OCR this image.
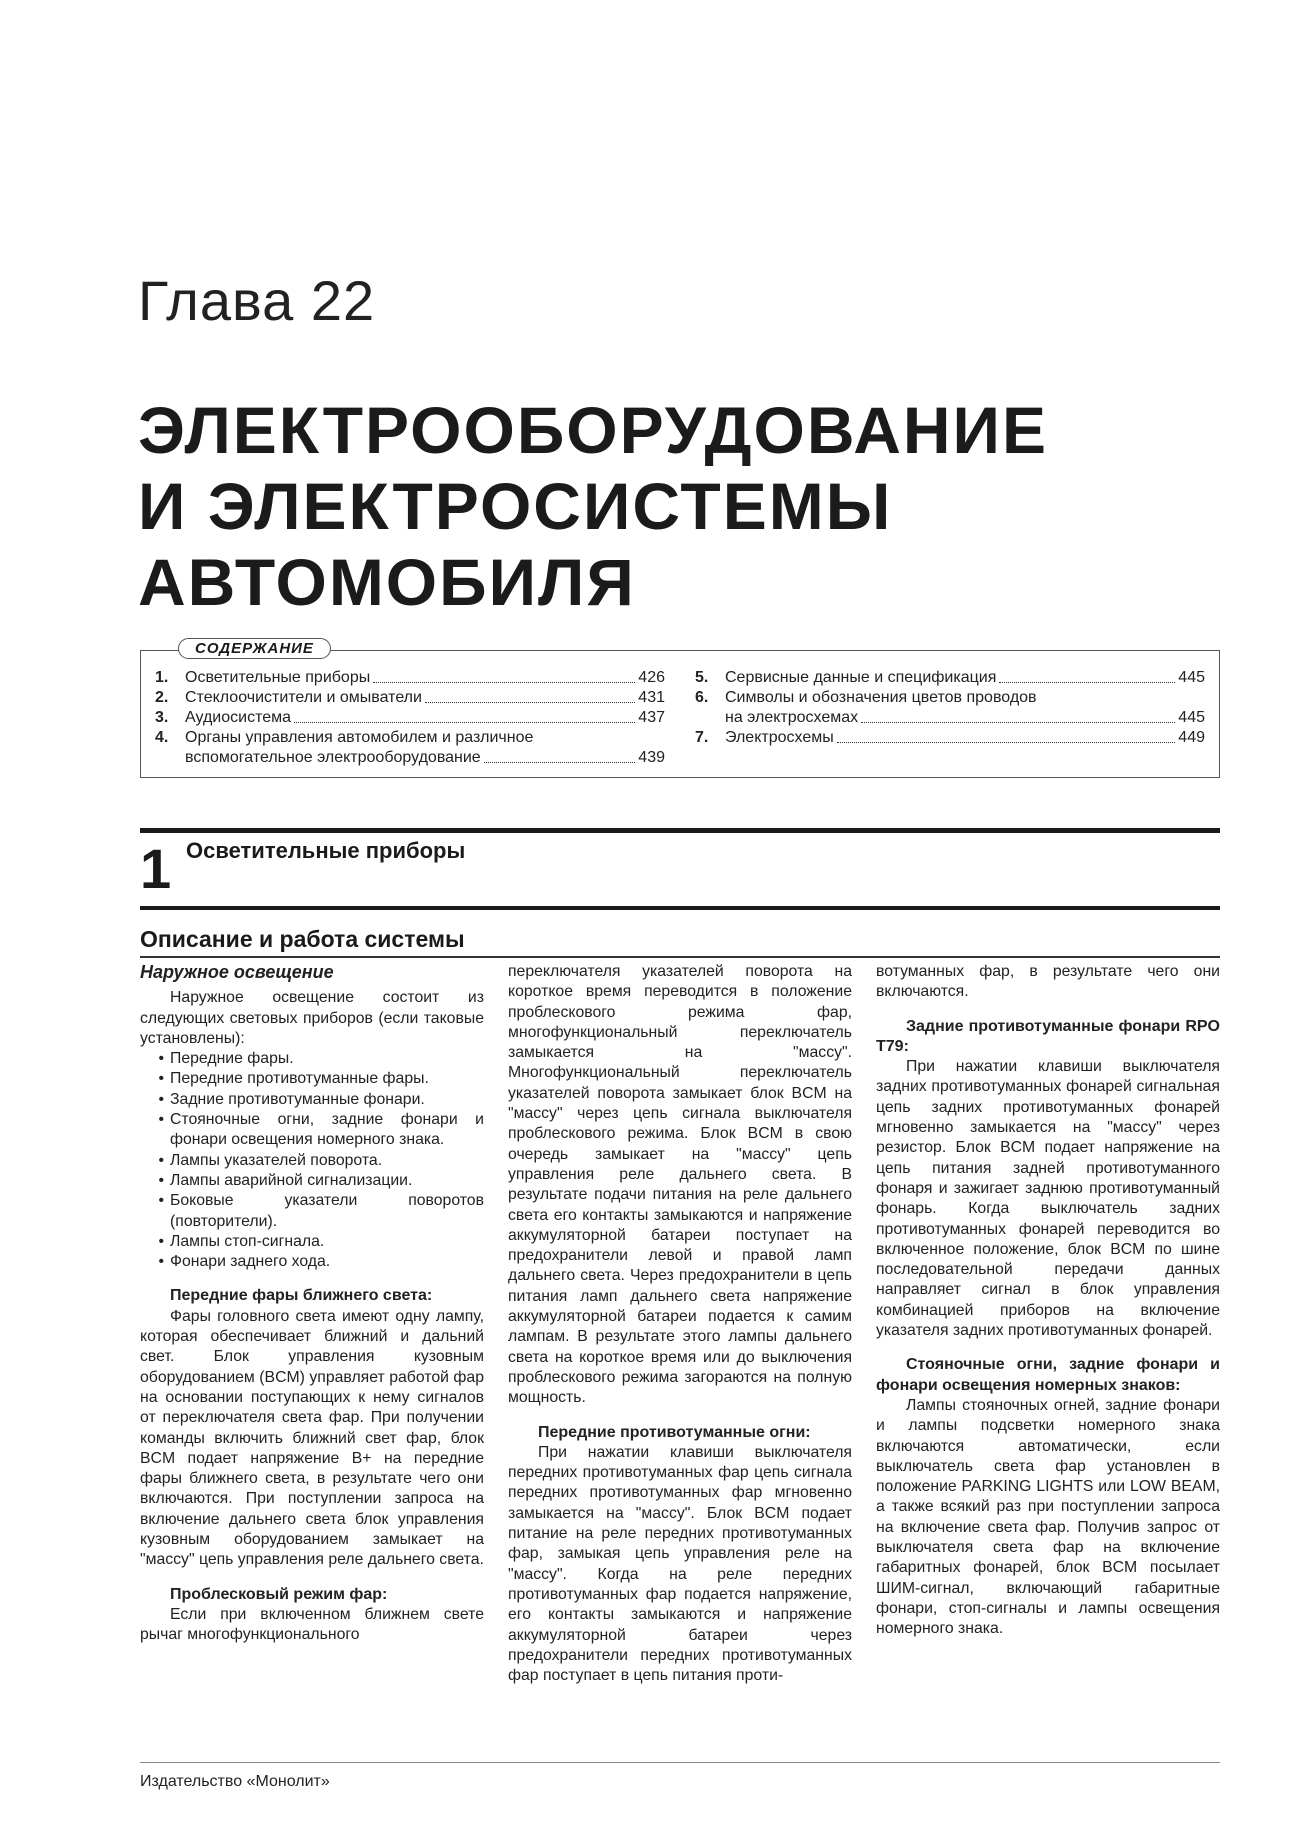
Глава 22
ЭЛЕКТРООБОРУДОВАНИЕ
И ЭЛЕКТРОСИСТЕМЫ
АВТОМОБИЛЯ
СОДЕРЖАНИЕ
1.	Осветительные приборы	426
2.	Стеклоочистители и омыватели	431
3.	Аудиосистема	437
4.	Органы управления автомобилем и различное
вспомогательное электрооборудование	439
5.	Сервисные данные и спецификация	445
6.	Символы и обозначения цветов проводов
на электросхемах	445
7.	Электросхемы	449
1 Осветительные приборы
Описание и работа системы
Наружное освещение

Наружное освещение состоит из следующих световых приборов (если таковые установлены):

• Передние фары.
• Передние противотуманные фары.
• Задние противотуманные фонари.
• Стояночные огни, задние фонари и фонари освещения номерного знака.
• Лампы указателей поворота.
• Лампы аварийной сигнализации.
• Боковые указатели поворотов (повторители).
• Лампы стоп-сигнала.
• Фонари заднего хода.
Передние фары ближнего света:

Фары головного света имеют одну лампу, которая обеспечивает ближний и дальний свет. Блок управления кузовным оборудованием (BCM) управляет работой фар на основании поступающих к нему сигналов от переключателя света фар. При получении команды включить ближний свет фар, блок BCM подает напряжение B+ на передние фары ближнего света, в результате чего они включаются. При поступлении запроса на включение дальнего света блок управления кузовным оборудованием замыкает на "массу" цепь управления реле дальнего света.

Проблесковый режим фар:

Если при включенном ближнем свете рычаг многофункционального

переключателя указателей поворота на короткое время переводится в положение проблескового режима фар, многофункциональный переключатель замыкается на "массу". Многофункциональный переключатель указателей поворота замыкает блок BCM на "массу" через цепь сигнала выключателя проблескового режима. Блок BCM в свою очередь замыкает на "массу" цепь управления реле дальнего света. В результате подачи питания на реле дальнего света его контакты замыкаются и напряжение аккумуляторной батареи поступает на предохранители левой и правой ламп дальнего света. Через предохранители в цепь питания ламп дальнего света напряжение аккумуляторной батареи подается к самим лампам. В результате этого лампы дальнего света на короткое время или до выключения проблескового режима загораются на полную мощность.

Передние противотуманные огни:

При нажатии клавиши выключателя передних противотуманных фар цепь сигнала передних противотуманных фар мгновенно замыкается на "массу". Блок BCM подает питание на реле передних противотуманных фар, замыкая цепь управления реле на "массу". Когда на реле передних противотуманных фар подается напряжение, его контакты замыкаются и напряжение аккумуляторной батареи через предохранители передних противотуманных фар поступает в цепь питания проти-

вотуманных фар, в результате чего они включаются.

Задние противотуманные фонари RPO T79:

При нажатии клавиши выключателя задних противотуманных фонарей сигнальная цепь задних противотуманных фонарей мгновенно замыкается на "массу" через резистор. Блок BCM подает напряжение на цепь питания задней противотуманного фонаря и зажигает заднюю противотуманный фонарь. Когда выключатель задних противотуманных фонарей переводится во включенное положение, блок BCM по шине последовательной передачи данных направляет сигнал в блок управления комбинацией приборов на включение указателя задних противотуманных фонарей.

Стояночные огни, задние фонари и фонари освещения номерных знаков:

Лампы стояночных огней, задние фонари и лампы подсветки номерного знака включаются автоматически, если выключатель света фар установлен в положение PARKING LIGHTS или LOW BEAM, а также всякий раз при поступлении запроса на включение света фар. Получив запрос от выключателя света фар на включение габаритных фонарей, блок BCM посылает ШИМ-сигнал, включающий габаритные фонари, стоп-сигналы и лампы освещения номерного знака.

Издательство «Монолит»
